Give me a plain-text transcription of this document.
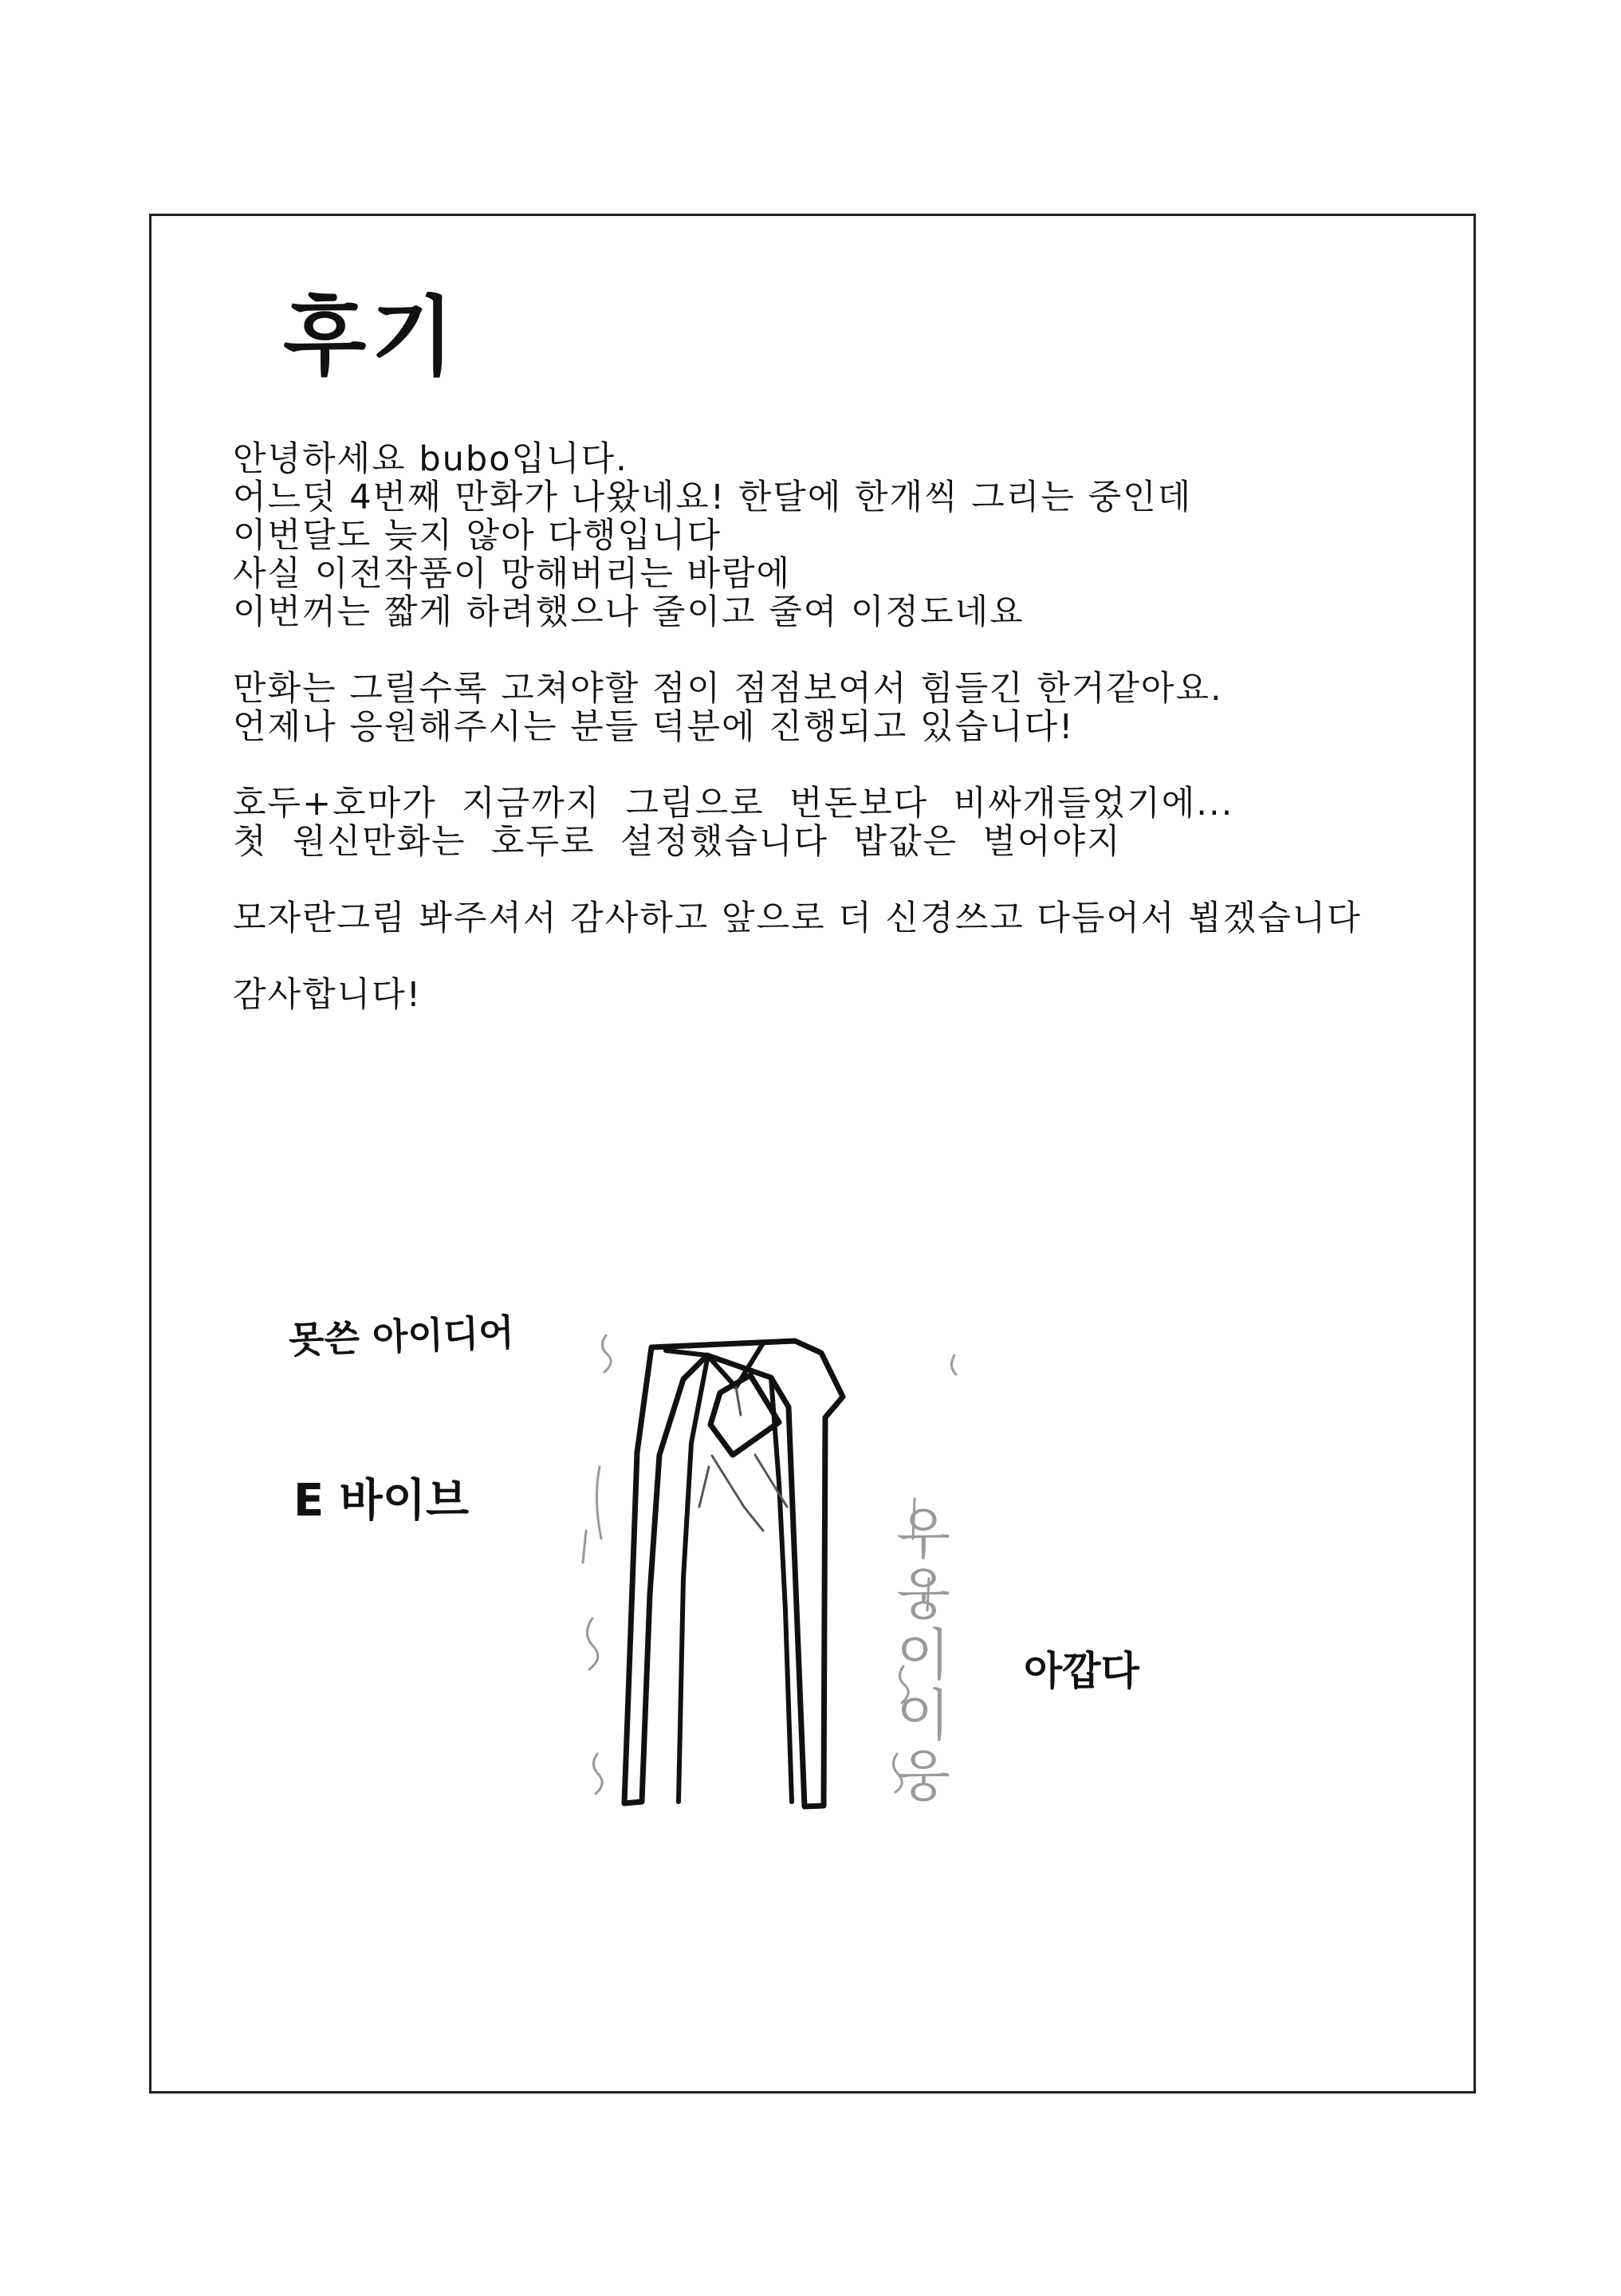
후기

안녕하세요 bubo입니다.
어느덧 4번째 만화가 나왔네요! 한달에 한개씩 그리는 중인데
이번달도 늦지 않아 다행입니다
사실 이전작품이 망해버리는 바람에
이번꺼는 짧게 하려했으나 줄이고 줄여 이정도네요

만화는 그릴수록 고쳐야할 점이 점점보여서 힘들긴 한거같아요.
언제나 응원해주시는 분들 덕분에 진행되고 있습니다!

호두+호마가  지금까지  그림으로  번돈보다  비싸개들었기에...
첫  원신만화는  호두로  설정했습니다  밥값은  벌어야지

모자란그림 봐주셔서 감사하고 앞으로 더 신경쓰고 다듬어서 뵙겠습니다

감사합니다!

못쓴 아이디어
E 바이브
우웅이이웅
아깝다
